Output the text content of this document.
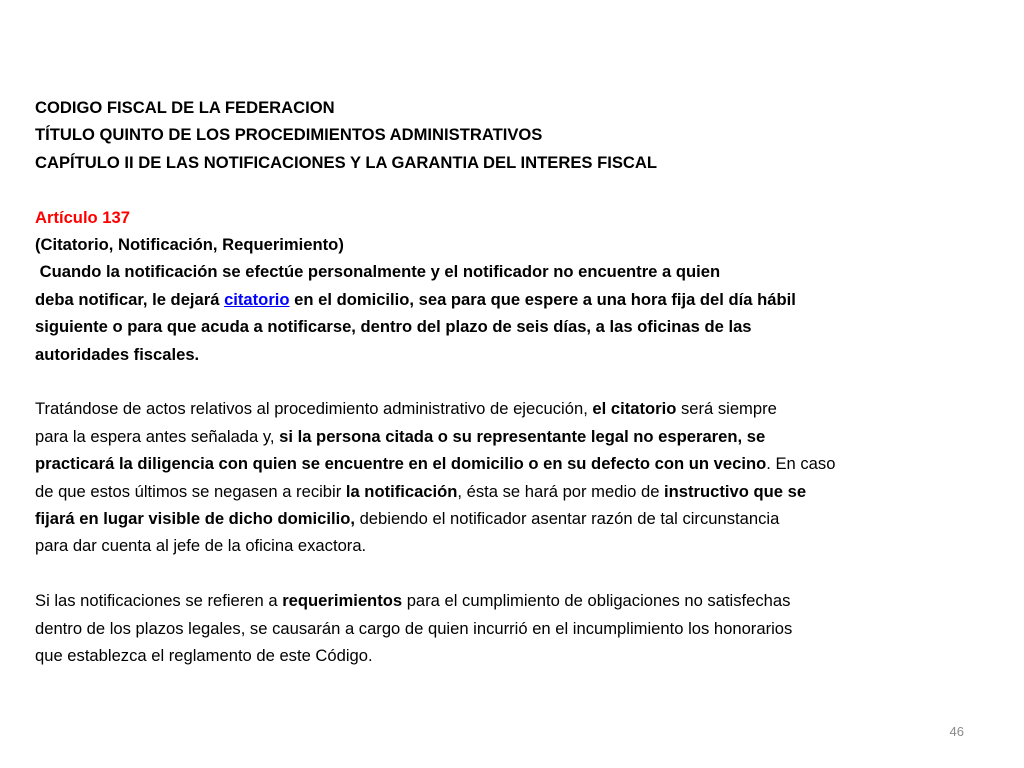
CODIGO FISCAL DE LA FEDERACION
TÍTULO QUINTO DE LOS PROCEDIMIENTOS ADMINISTRATIVOS
CAPÍTULO II DE LAS NOTIFICACIONES Y LA GARANTIA DEL INTERES FISCAL
Artículo 137
(Citatorio, Notificación, Requerimiento)
Cuando la notificación se efectúe personalmente y el notificador no encuentre a quien
deba notificar, le dejará citatorio en el domicilio, sea para que espere a una hora fija del día hábil
siguiente o para que acuda a notificarse, dentro del plazo de seis días, a las oficinas de las
autoridades fiscales.
Tratándose de actos relativos al procedimiento administrativo de ejecución, el citatorio será siempre
para la espera antes señalada y, si la persona citada o su representante legal no esperaren, se
practicará la diligencia con quien se encuentre en el domicilio o en su defecto con un vecino. En caso
de que estos últimos se negasen a recibir la notificación, ésta se hará por medio de instructivo que se
fijará en lugar visible de dicho domicilio, debiendo el notificador asentar razón de tal circunstancia
para dar cuenta al jefe de la oficina exactora.
Si las notificaciones se refieren a requerimientos para el cumplimiento de obligaciones no satisfechas
dentro de los plazos legales, se causarán a cargo de quien incurrió en el incumplimiento los honorarios
que establezca el reglamento de este Código.
46
